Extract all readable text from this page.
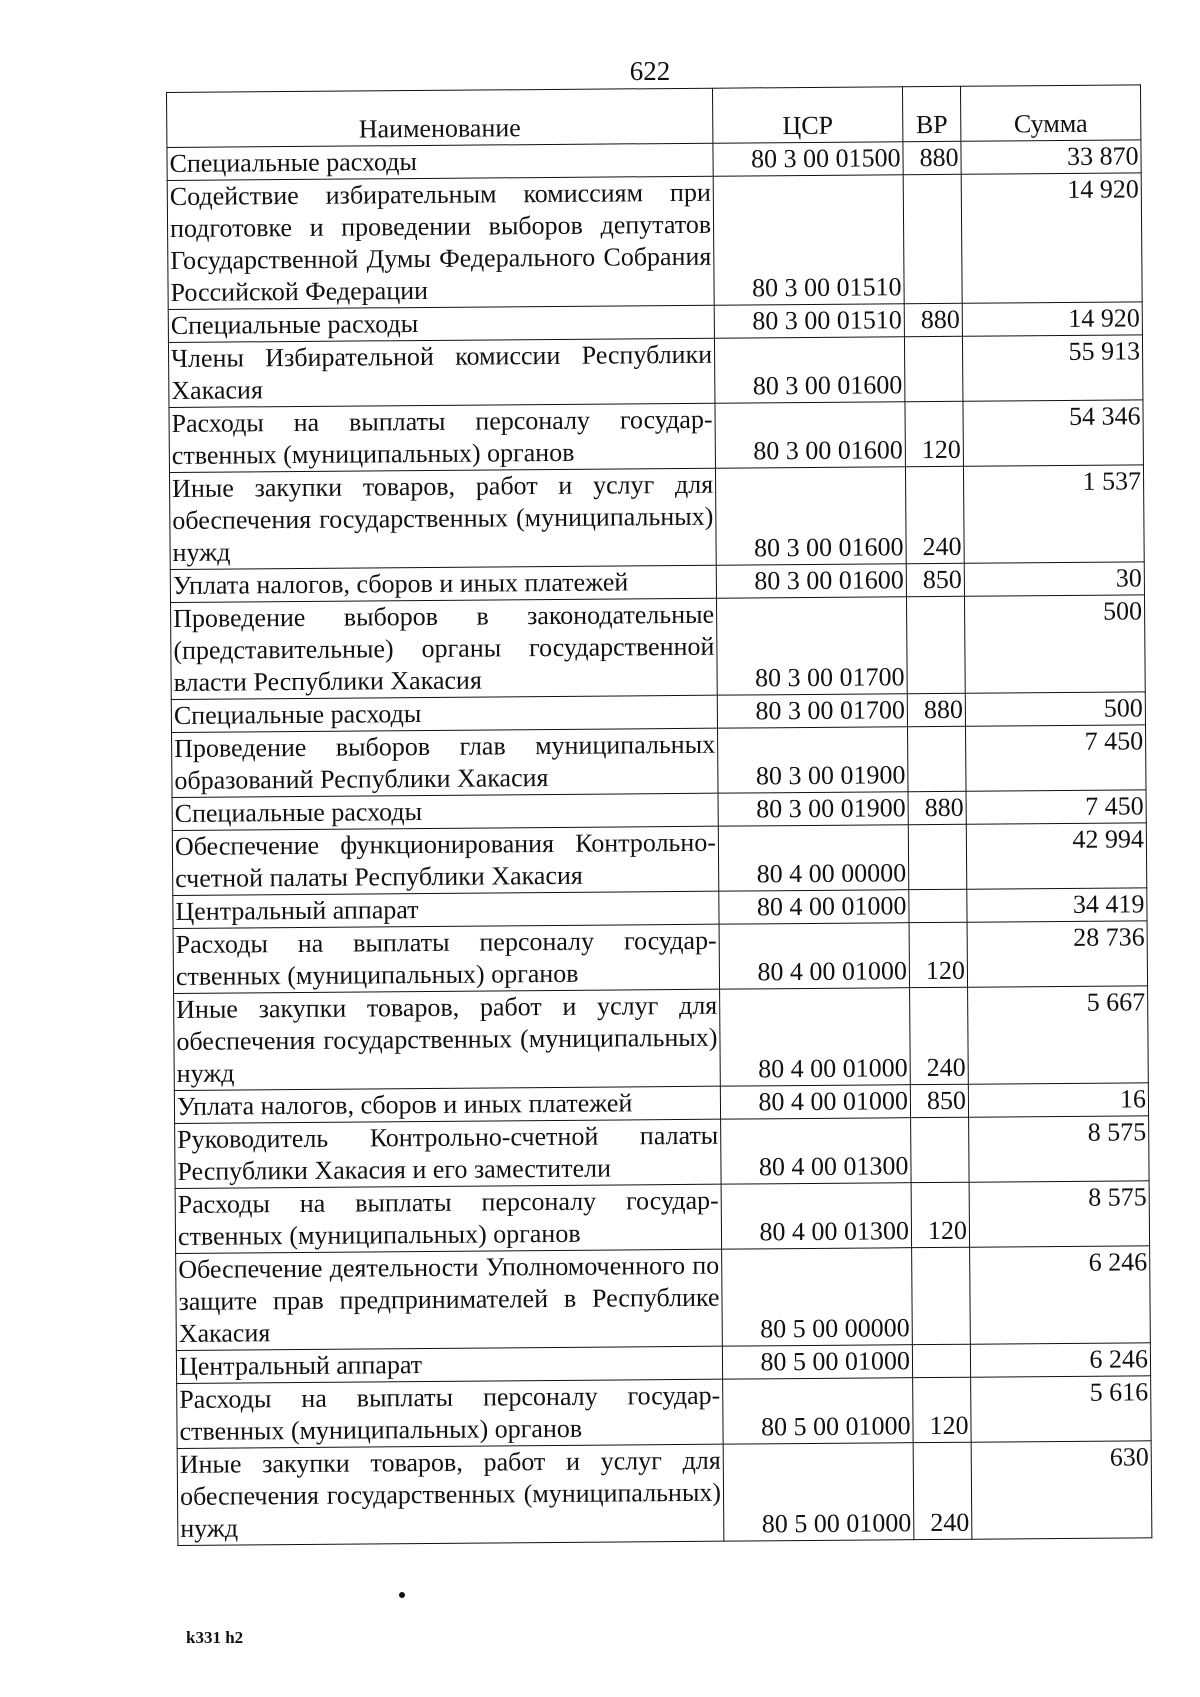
622
Наименование	ЦСР	ВР	Сумма
Специальные расходы	80 3 00 01500	880	33 870
Содействие избирательным комиссиям при подготовке и проведении выборов депутатов Государственной Думы Федерального Собрания Российской Федерации	80 3 00 01510		14 920
Специальные расходы	80 3 00 01510	880	14 920
Члены Избирательной комиссии Республики Хакасия	80 3 00 01600		55 913
Расходы на выплаты персоналу государственных (муниципальных) органов	80 3 00 01600	120	54 346
Иные закупки товаров, работ и услуг для обеспечения государственных (муниципальных) нужд	80 3 00 01600	240	1 537
Уплата налогов, сборов и иных платежей	80 3 00 01600	850	30
Проведение выборов в законодательные (представительные) органы государственной власти Республики Хакасия	80 3 00 01700		500
Специальные расходы	80 3 00 01700	880	500
Проведение выборов глав муниципальных образований Республики Хакасия	80 3 00 01900		7 450
Специальные расходы	80 3 00 01900	880	7 450
Обеспечение функционирования Контрольно-счетной палаты Республики Хакасия	80 4 00 00000		42 994
Центральный аппарат	80 4 00 01000		34 419
Расходы на выплаты персоналу государственных (муниципальных) органов	80 4 00 01000	120	28 736
Иные закупки товаров, работ и услуг для обеспечения государственных (муниципальных) нужд	80 4 00 01000	240	5 667
Уплата налогов, сборов и иных платежей	80 4 00 01000	850	16
Руководитель Контрольно-счетной палаты Республики Хакасия и его заместители	80 4 00 01300		8 575
Расходы на выплаты персоналу государственных (муниципальных) органов	80 4 00 01300	120	8 575
Обеспечение деятельности Уполномоченного по защите прав предпринимателей в Республике Хакасия	80 5 00 00000		6 246
Центральный аппарат	80 5 00 01000		6 246
Расходы на выплаты персоналу государственных (муниципальных) органов	80 5 00 01000	120	5 616
Иные закупки товаров, работ и услуг для обеспечения государственных (муниципальных) нужд	80 5 00 01000	240	630
k331 h2
